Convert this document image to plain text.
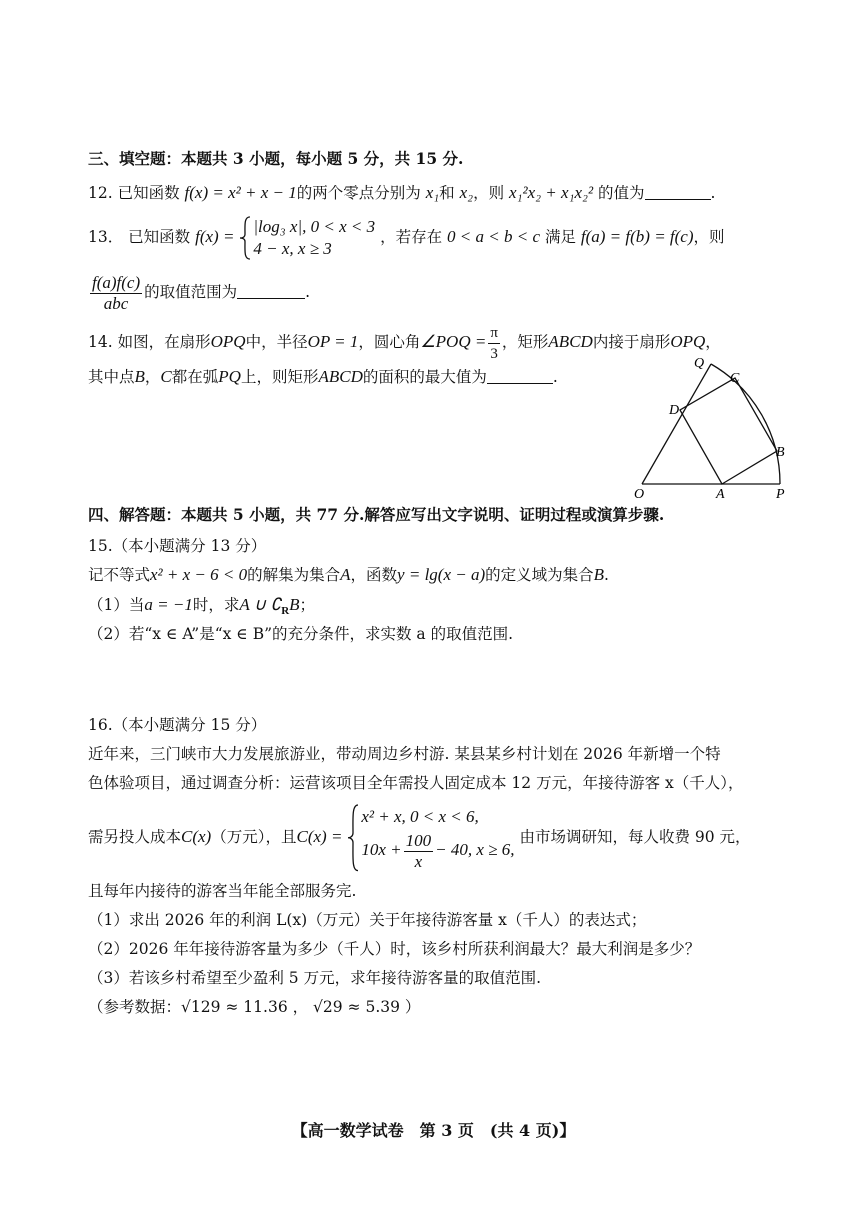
三、填空题：本题共 3 小题，每小题 5 分，共 15 分.
12. 已知函数 f(x) = x² + x − 1的两个零点分别为 x₁和 x₂，则 x₁²x₂ + x₁x₂² 的值为	.
13． 已知函数 f(x) =
|log₃ x|, 0 < x < 3
4 − x, x ≥ 3
，若存在 0 < a < b < c 满足 f(a) = f(b) = f(c)，则
$\frac{f(a)f(c)}{\text{abc}}$ 的取值范围为	.
14. 如图，在扇形OPQ中，半径OP = 1，圆心角∠POQ = $\frac{\pi}{3}$ ，矩形ABCD内接于扇形OPQ，
其中点B，C都在弧PQ上，则矩形ABCD的面积的最大值为	.
O	A	P
B
C
D
Q
四、解答题：本题共 5 小题，共 77 分.解答应写出文字说明、证明过程或演算步骤.
15.（本小题满分 13 分）
记不等式x² + x − 6 < 0的解集为集合A，函数y = lg(x − a)的定义域为集合B.
（1）当a = −1时，求A ∪ $∁_RB$；
（2）若“x ∈ A”是“x ∈ B”的充分条件，求实数 a 的取值范围.
16.（本小题满分 15 分）
近年来，三门峡市大力发展旅游业，带动周边乡村游. 某县某乡村计划在 2026 年新增一个特
色体验项目，通过调查分析：运营该项目全年需投人固定成本 12 万元，年接待游客 x（千人），
需另投人成本C(x)（万元），且C(x) =
x² + x, 0 < x < 6,
$10x + \frac{100}{x} - 40$, x ≥ 6,
由市场调研知，每人收费 90 元，
且每年内接待的游客当年能全部服务完.
（1）求出 2026 年的利润 L(x)（万元）关于年接待游客量 x（千人）的表达式；
（2）2026 年年接待游客量为多少（千人）时，该乡村所获利润最大？最大利润是多少？
（3）若该乡村希望至少盈利 5 万元，求年接待游客量的取值范围.
（参考数据：√129 ≈ 11.36 ， √29 ≈ 5.39 ）
【高一数学试卷　第 3 页　(共 4 页)】
